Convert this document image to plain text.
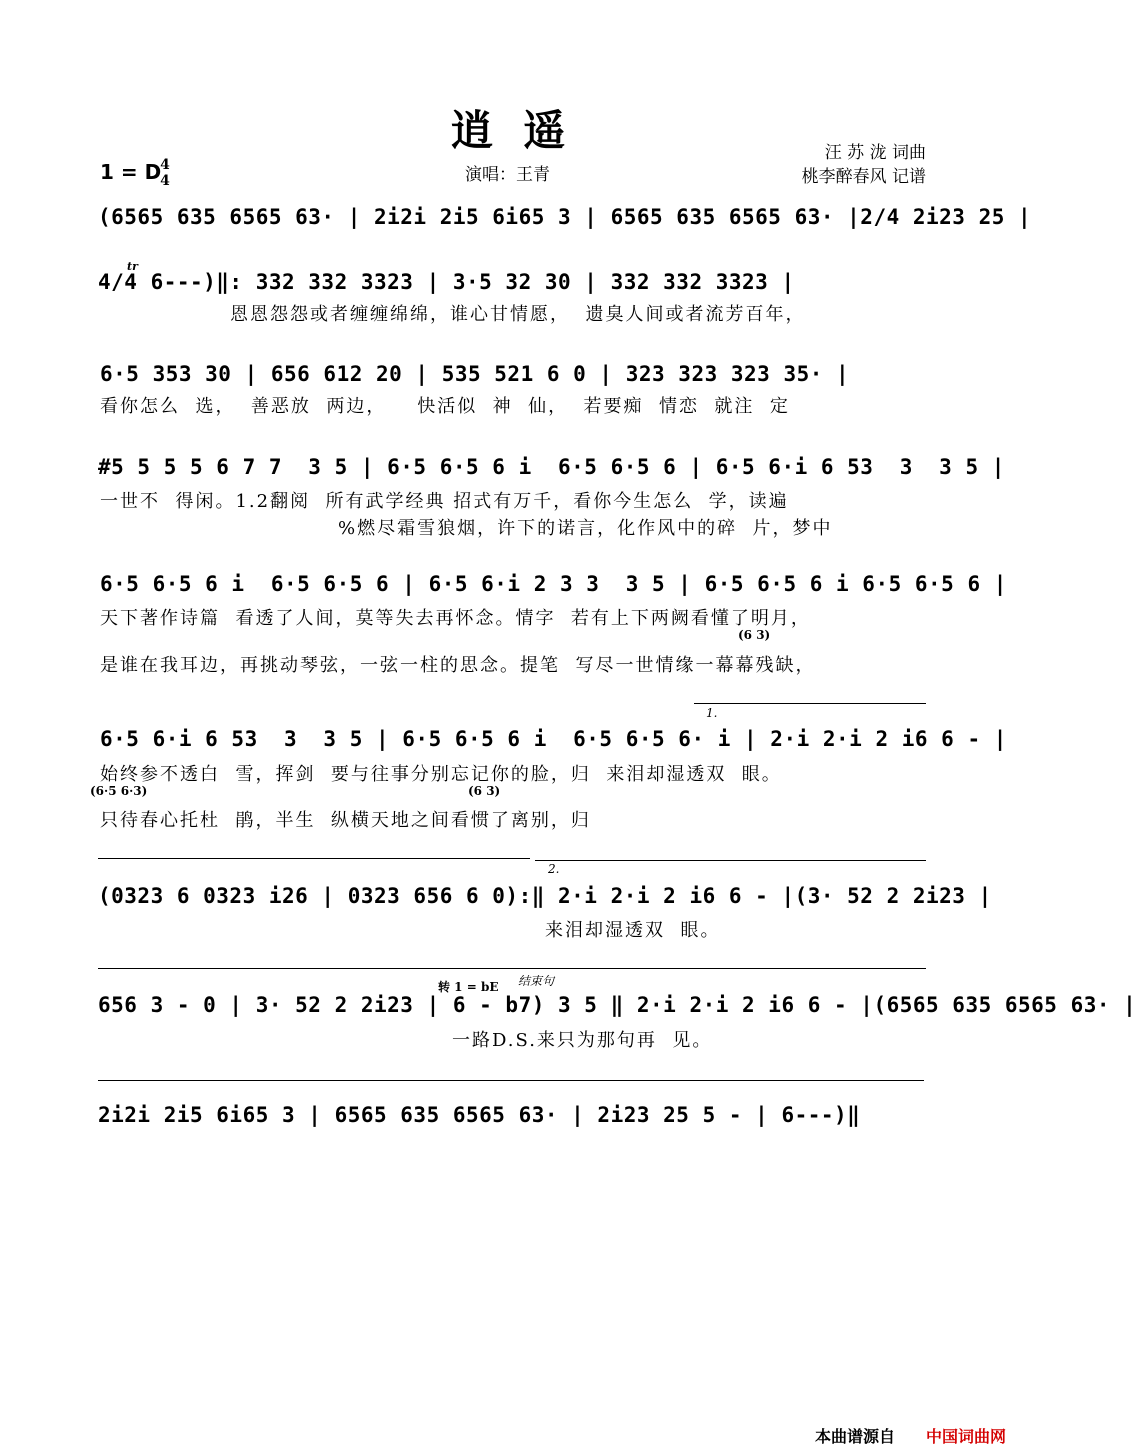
逍 遥	汪 苏 泷 词曲
桃李醉春风 记谱
演唱：王青
1 = D
4
4
(6565 635 6565 63· | 2i2i 2i5 6i65 3 | 6565 635 6565 63· |2/4 2i23 25 |
tr
4/4 6---)‖: 332 332 3323 | 3·5 32 30 | 332 332 3323 |
恩恩怨怨或者缠缠绵绵，谁心甘情愿，  遗臭人间或者流芳百年，
6·5 353 30 | 656 612 20 | 535 521 6 0 | 323 323 323 35· |
看你怎么  选，  善恶放  两边，    快活似  神  仙，  若要痴  情恋  就注  定
#5 5 5 5 6 7 7  3 5 | 6·5 6·5 6 i  6·5 6·5 6 | 6·5 6·i 6 53  3  3 5 |
一世不  得闲。1.2翻阅  所有武学经典 招式有万千，看你今生怎么  学，读遍
%燃尽霜雪狼烟，许下的诺言，化作风中的碎  片，梦中
6·5 6·5 6 i  6·5 6·5 6 | 6·5 6·i 2 3 3  3 5 | 6·5 6·5 6 i 6·5 6·5 6 |
天下著作诗篇  看透了人间，莫等失去再怀念。情字  若有上下两阙看懂了明月，
(6 3)
是谁在我耳边，再挑动琴弦，一弦一柱的思念。提笔  写尽一世情缘一幕幕残缺，
1.
6·5 6·i 6 53  3  3 5 | 6·5 6·5 6 i  6·5 6·5 6· i | 2·i 2·i 2 i6 6 - |
始终参不透白  雪，挥剑  要与往事分别忘记你的脸，归  来泪却湿透双  眼。
(6·5 6·3)	(6 3)
只待春心托杜  鹃，半生  纵横天地之间看惯了离别，归
2.
(0323 6 0323 i26 | 0323 656 6 0):‖ 2·i 2·i 2 i6 6 - |(3· 52 2 2i23 |
来泪却湿透双  眼。
结束句
转 1 = bE
656 3 - 0 | 3· 52 2 2i23 | 6 - b7) 3 5 ‖ 2·i 2·i 2 i6 6 - |(6565 635 6565 63· |
一路D.S.来只为那句再  见。
2i2i 2i5 6i65 3 | 6565 635 6565 63· | 2i23 25 5 - | 6---)‖
本曲谱源自 中国词曲网
